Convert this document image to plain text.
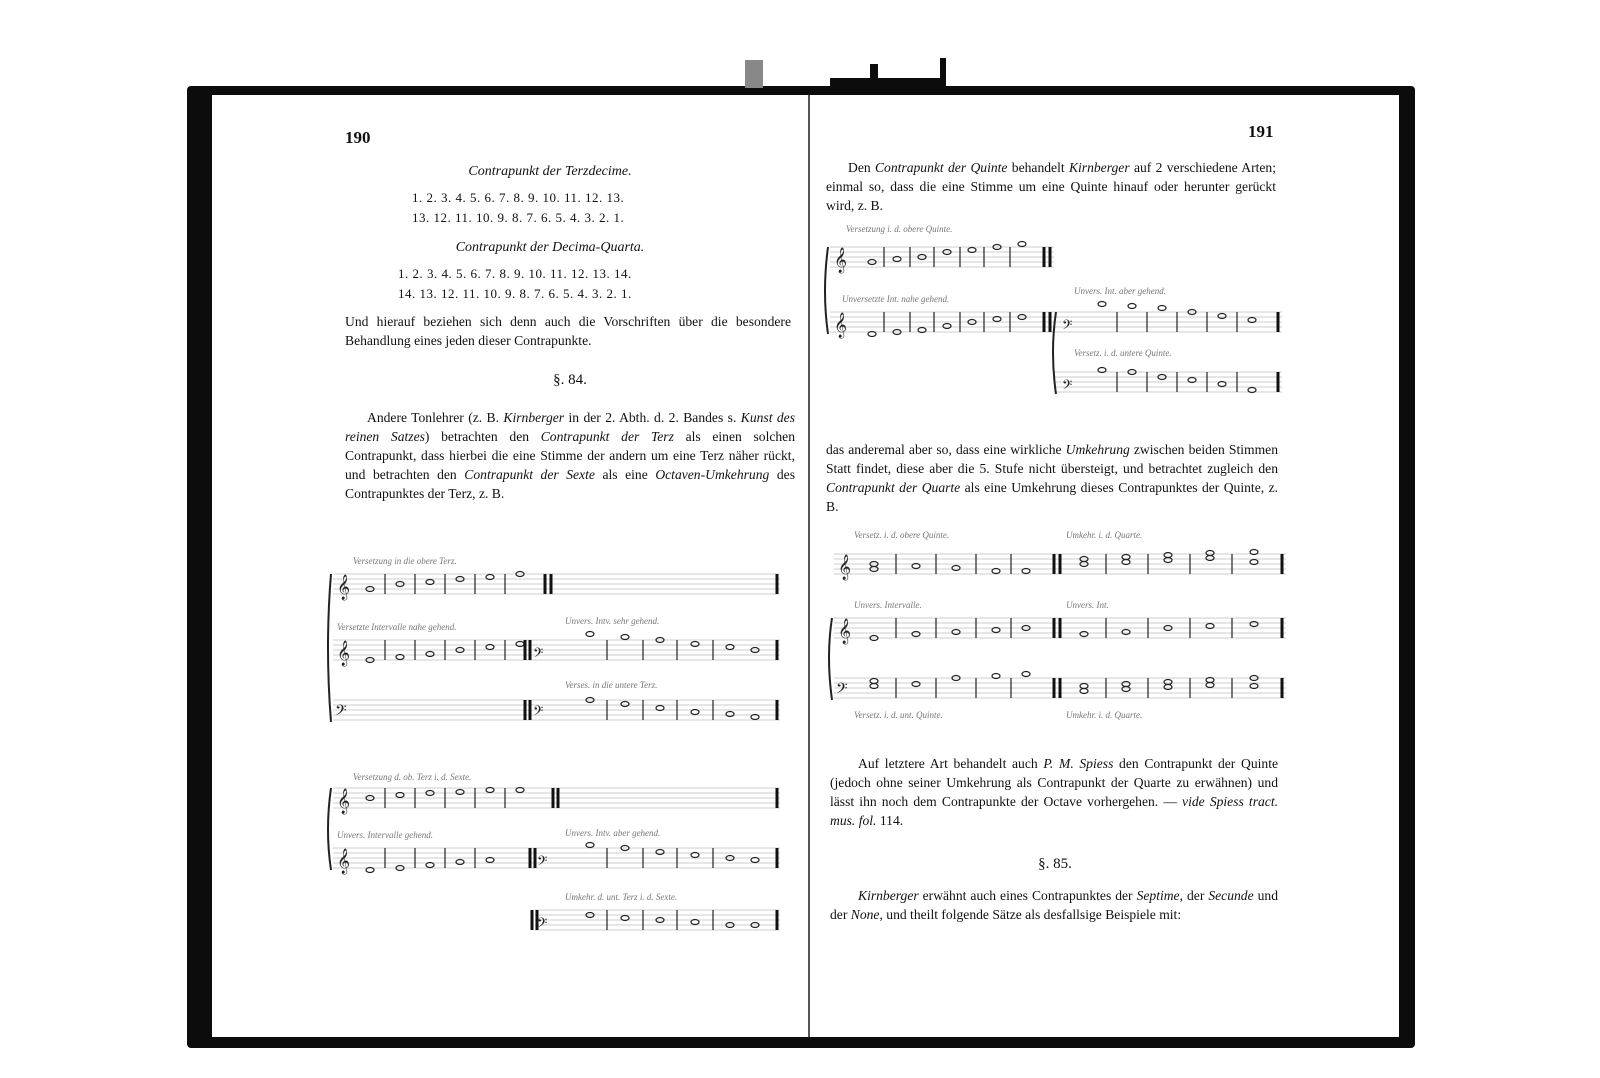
190
Contrapunkt der Terzdecime.
1. 2. 3. 4. 5. 6. 7. 8. 9. 10. 11. 12. 13.
13. 12. 11. 10. 9. 8. 7. 6. 5. 4. 3. 2. 1.
Contrapunkt der Decima-Quarta.
1. 2. 3. 4. 5. 6. 7. 8. 9. 10. 11. 12. 13. 14.
14. 13. 12. 11. 10. 9. 8. 7. 6. 5. 4. 3. 2. 1.

Und hierauf beziehen sich denn auch die Vorschriften über die besondere Behandlung eines jeden dieser Contrapunkte.

§. 84.

Andere Tonlehrer (z. B. Kirnberger in der 2. Abth. d. 2. Bandes s. Kunst des reinen Satzes) betrachten den Contrapunkt der Terz als einen solchen Contrapunkt, dass hierbei die eine Stimme der andern um eine Terz näher rückt, und betrachten den Contrapunkt der Sexte als eine Octaven-Umkehrung des Contrapunktes der Terz, z. B.

Versetzung in die obere Terz.
Versetzte Intervalle nahe gehend.
Unvers. Intv. sehr gehend.
Verses. in die untere Terz.
𝄞
𝄞
𝄢
𝄢
𝄢
Versetzung d. ob. Terz i. d. Sexte.
Unvers. Intervalle gehend.	Unvers. Intv. aber gehend.
Umkehr. d. unt. Terz i. d. Sexte.
𝄞
𝄞	𝄢
𝄢
191

Den Contrapunkt der Quinte behandelt Kirnberger auf 2 verschiedene Arten; einmal so, dass die eine Stimme um eine Quinte hinauf oder herunter gerückt wird, z. B.

Versetzung i. d. obere Quinte.
Unversetzte Int. nahe gehend.
Unvers. Int. aber gehend.
Versetz. i. d. untere Quinte.
𝄞
𝄞	𝄢
𝄢

das anderemal aber so, dass eine wirkliche Umkehrung zwischen beiden Stimmen Statt findet, diese aber die 5. Stufe nicht übersteigt, und betrachtet zugleich den Contrapunkt der Quarte als eine Umkehrung dieses Contrapunktes der Quinte, z. B.

Versetz. i. d. obere Quinte.	Umkehr. i. d. Quarte.
Unvers. Intervalle.	Unvers. Int.
Versetz. i. d. unt. Quinte.	Umkehr. i. d. Quarte.
𝄞
𝄞
𝄢

Auf letztere Art behandelt auch P. M. Spiess den Contrapunkt der Quinte (jedoch ohne seiner Umkehrung als Contrapunkt der Quarte zu erwähnen) und lässt ihn noch dem Contrapunkte der Octave vorhergehen. — vide Spiess tract. mus. fol. 114.

§. 85.

Kirnberger erwähnt auch eines Contrapunktes der Septime, der Secunde und der None, und theilt folgende Sätze als desfallsige Beispiele mit:
